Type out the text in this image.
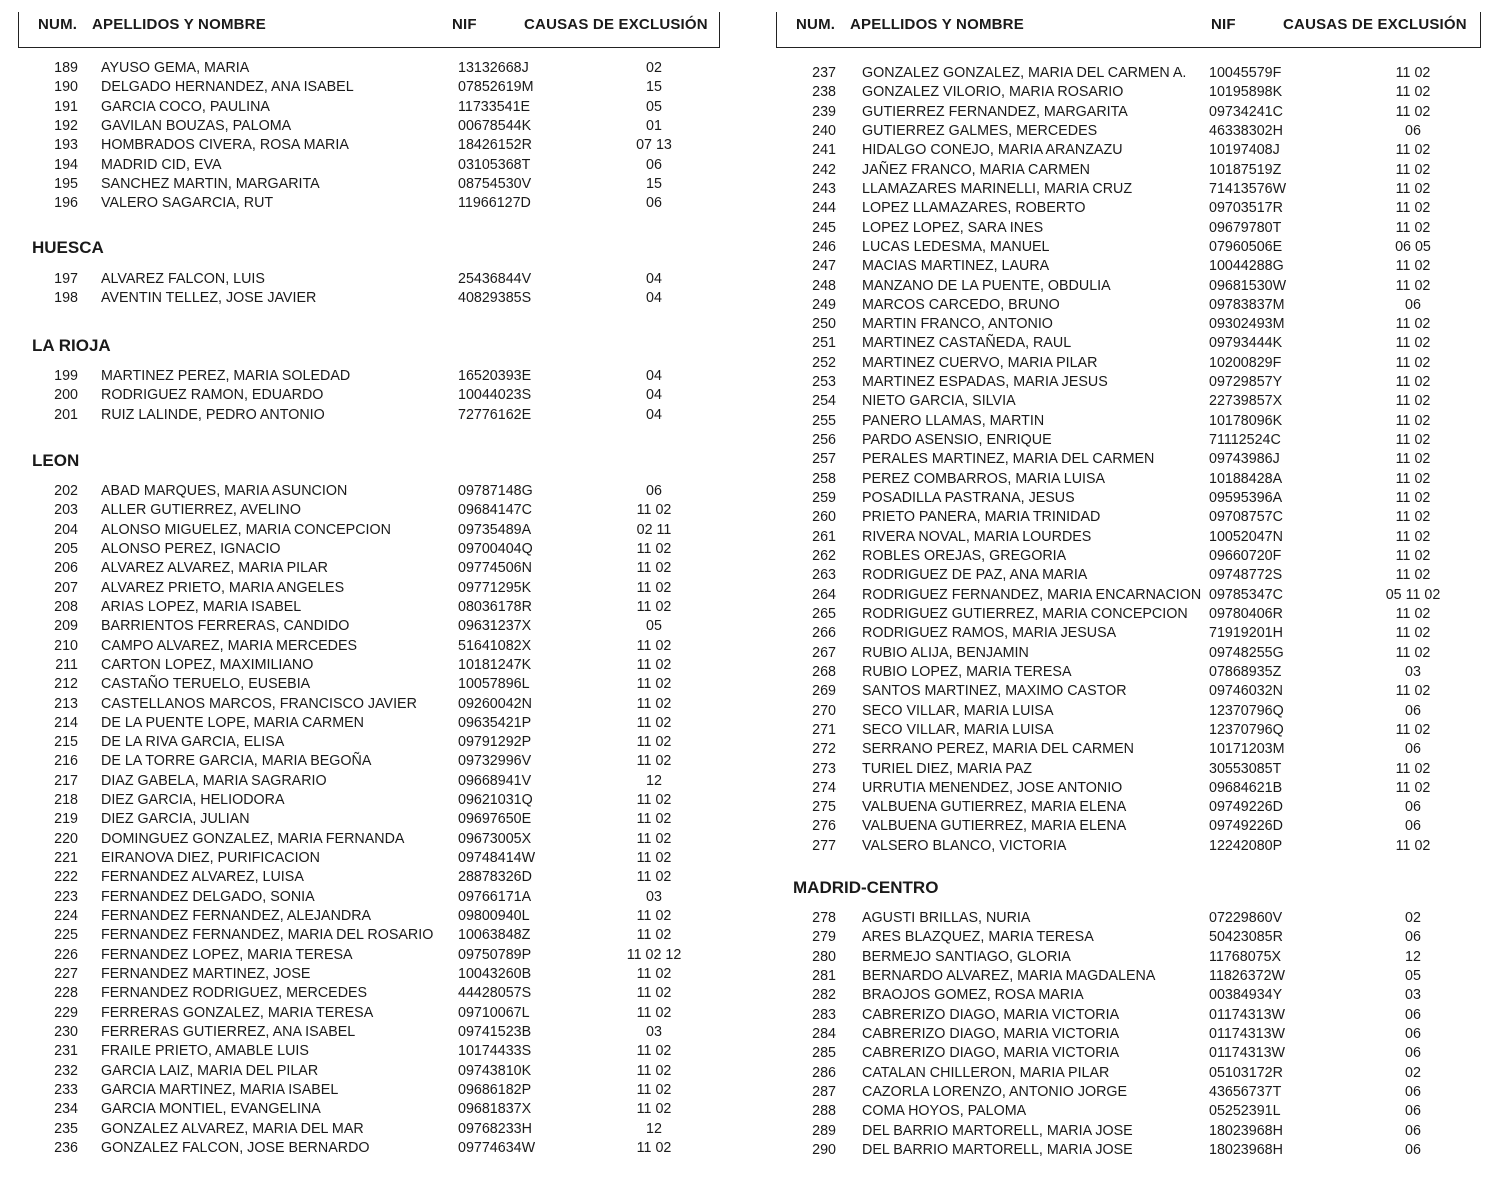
NUM. APELLIDOS Y NOMBRE	NIF	CAUSAS DE EXCLUSIÓN
189 AYUSO GEMA, MARIA	13132668J	02
190 DELGADO HERNANDEZ, ANA ISABEL	07852619M	15
191 GARCIA COCO, PAULINA	11733541E	05
192 GAVILAN BOUZAS, PALOMA	00678544K	01
193 HOMBRADOS CIVERA, ROSA MARIA	18426152R	07 13
194 MADRID CID, EVA	03105368T	06
195 SANCHEZ MARTIN, MARGARITA	08754530V	15
196 VALERO SAGARCIA, RUT	11966127D	06
HUESCA
197 ALVAREZ FALCON, LUIS	25436844V	04
198 AVENTIN TELLEZ, JOSE JAVIER	40829385S	04
LA RIOJA
199 MARTINEZ PEREZ, MARIA SOLEDAD	16520393E	04
200 RODRIGUEZ RAMON, EDUARDO	10044023S	04
201 RUIZ LALINDE, PEDRO ANTONIO	72776162E	04
LEON
202 ABAD MARQUES, MARIA ASUNCION	09787148G	06
203 ALLER GUTIERREZ, AVELINO	09684147C	11 02
204 ALONSO MIGUELEZ, MARIA CONCEPCION	09735489A	02 11
205 ALONSO PEREZ, IGNACIO	09700404Q	11 02
206 ALVAREZ ALVAREZ, MARIA PILAR	09774506N	11 02
207 ALVAREZ PRIETO, MARIA ANGELES	09771295K	11 02
208 ARIAS LOPEZ, MARIA ISABEL	08036178R	11 02
209 BARRIENTOS FERRERAS, CANDIDO	09631237X	05
210 CAMPO ALVAREZ, MARIA MERCEDES	51641082X	11 02
211 CARTON LOPEZ, MAXIMILIANO	10181247K	11 02
212 CASTAÑO TERUELO, EUSEBIA	10057896L	11 02
213 CASTELLANOS MARCOS, FRANCISCO JAVIER	09260042N	11 02
214 DE LA PUENTE LOPE, MARIA CARMEN	09635421P	11 02
215 DE LA RIVA GARCIA, ELISA	09791292P	11 02
216 DE LA TORRE GARCIA, MARIA BEGOÑA	09732996V	11 02
217 DIAZ GABELA, MARIA SAGRARIO	09668941V	12
218 DIEZ GARCIA, HELIODORA	09621031Q	11 02
219 DIEZ GARCIA, JULIAN	09697650E	11 02
220 DOMINGUEZ GONZALEZ, MARIA FERNANDA	09673005X	11 02
221 EIRANOVA DIEZ, PURIFICACION	09748414W	11 02
222 FERNANDEZ ALVAREZ, LUISA	28878326D	11 02
223 FERNANDEZ DELGADO, SONIA	09766171A	03
224 FERNANDEZ FERNANDEZ, ALEJANDRA	09800940L	11 02
225 FERNANDEZ FERNANDEZ, MARIA DEL ROSARIO 10063848Z	11 02
226 FERNANDEZ LOPEZ, MARIA TERESA	09750789P	11 02 12
227 FERNANDEZ MARTINEZ, JOSE	10043260B	11 02
228 FERNANDEZ RODRIGUEZ, MERCEDES	44428057S	11 02
229 FERRERAS GONZALEZ, MARIA TERESA	09710067L	11 02
230 FERRERAS GUTIERREZ, ANA ISABEL	09741523B	03
231 FRAILE PRIETO, AMABLE LUIS	10174433S	11 02
232 GARCIA LAIZ, MARIA DEL PILAR	09743810K	11 02
233 GARCIA MARTINEZ, MARIA ISABEL	09686182P	11 02
234 GARCIA MONTIEL, EVANGELINA	09681837X	11 02
235 GONZALEZ ALVAREZ, MARIA DEL MAR	09768233H	12
236 GONZALEZ FALCON, JOSE BERNARDO	09774634W	11 02
NUM. APELLIDOS Y NOMBRE	NIF	CAUSAS DE EXCLUSIÓN
237 GONZALEZ GONZALEZ, MARIA DEL CARMEN A. 10045579F	11 02
238 GONZALEZ VILORIO, MARIA ROSARIO	10195898K	11 02
239 GUTIERREZ FERNANDEZ, MARGARITA	09734241C	11 02
240 GUTIERREZ GALMES, MERCEDES	46338302H	06
241 HIDALGO CONEJO, MARIA ARANZAZU	10197408J	11 02
242 JAÑEZ FRANCO, MARIA CARMEN	10187519Z	11 02
243 LLAMAZARES MARINELLI, MARIA CRUZ	71413576W	11 02
244 LOPEZ LLAMAZARES, ROBERTO	09703517R	11 02
245 LOPEZ LOPEZ, SARA INES	09679780T	11 02
246 LUCAS LEDESMA, MANUEL	07960506E	06 05
247 MACIAS MARTINEZ, LAURA	10044288G	11 02
248 MANZANO DE LA PUENTE, OBDULIA	09681530W	11 02
249 MARCOS CARCEDO, BRUNO	09783837M	06
250 MARTIN FRANCO, ANTONIO	09302493M	11 02
251 MARTINEZ CASTAÑEDA, RAUL	09793444K	11 02
252 MARTINEZ CUERVO, MARIA PILAR	10200829F	11 02
253 MARTINEZ ESPADAS, MARIA JESUS	09729857Y	11 02
254 NIETO GARCIA, SILVIA	22739857X	11 02
255 PANERO LLAMAS, MARTIN	10178096K	11 02
256 PARDO ASENSIO, ENRIQUE	71112524C	11 02
257 PERALES MARTINEZ, MARIA DEL CARMEN	09743986J	11 02
258 PEREZ COMBARROS, MARIA LUISA	10188428A	11 02
259 POSADILLA PASTRANA, JESUS	09595396A	11 02
260 PRIETO PANERA, MARIA TRINIDAD	09708757C	11 02
261 RIVERA NOVAL, MARIA LOURDES	10052047N	11 02
262 ROBLES OREJAS, GREGORIA	09660720F	11 02
263 RODRIGUEZ DE PAZ, ANA MARIA	09748772S	11 02
264 RODRIGUEZ FERNANDEZ, MARIA ENCARNACION 09785347C	05 11 02
265 RODRIGUEZ GUTIERREZ, MARIA CONCEPCION 09780406R	11 02
266 RODRIGUEZ RAMOS, MARIA JESUSA	71919201H	11 02
267 RUBIO ALIJA, BENJAMIN	09748255G	11 02
268 RUBIO LOPEZ, MARIA TERESA	07868935Z	03
269 SANTOS MARTINEZ, MAXIMO CASTOR	09746032N	11 02
270 SECO VILLAR, MARIA LUISA	12370796Q	06
271 SECO VILLAR, MARIA LUISA	12370796Q	11 02
272 SERRANO PEREZ, MARIA DEL CARMEN	10171203M	06
273 TURIEL DIEZ, MARIA PAZ	30553085T	11 02
274 URRUTIA MENENDEZ, JOSE ANTONIO	09684621B	11 02
275 VALBUENA GUTIERREZ, MARIA ELENA	09749226D	06
276 VALBUENA GUTIERREZ, MARIA ELENA	09749226D	06
277 VALSERO BLANCO, VICTORIA	12242080P	11 02
MADRID-CENTRO
278 AGUSTI BRILLAS, NURIA	07229860V	02
279 ARES BLAZQUEZ, MARIA TERESA	50423085R	06
280 BERMEJO SANTIAGO, GLORIA	11768075X	12
281 BERNARDO ALVAREZ, MARIA MAGDALENA	11826372W	05
282 BRAOJOS GOMEZ, ROSA MARIA	00384934Y	03
283 CABRERIZO DIAGO, MARIA VICTORIA	01174313W	06
284 CABRERIZO DIAGO, MARIA VICTORIA	01174313W	06
285 CABRERIZO DIAGO, MARIA VICTORIA	01174313W	06
286 CATALAN CHILLERON, MARIA PILAR	05103172R	02
287 CAZORLA LORENZO, ANTONIO JORGE	43656737T	06
288 COMA HOYOS, PALOMA	05252391L	06
289 DEL BARRIO MARTORELL, MARIA JOSE	18023968H	06
290 DEL BARRIO MARTORELL, MARIA JOSE	18023968H	06
